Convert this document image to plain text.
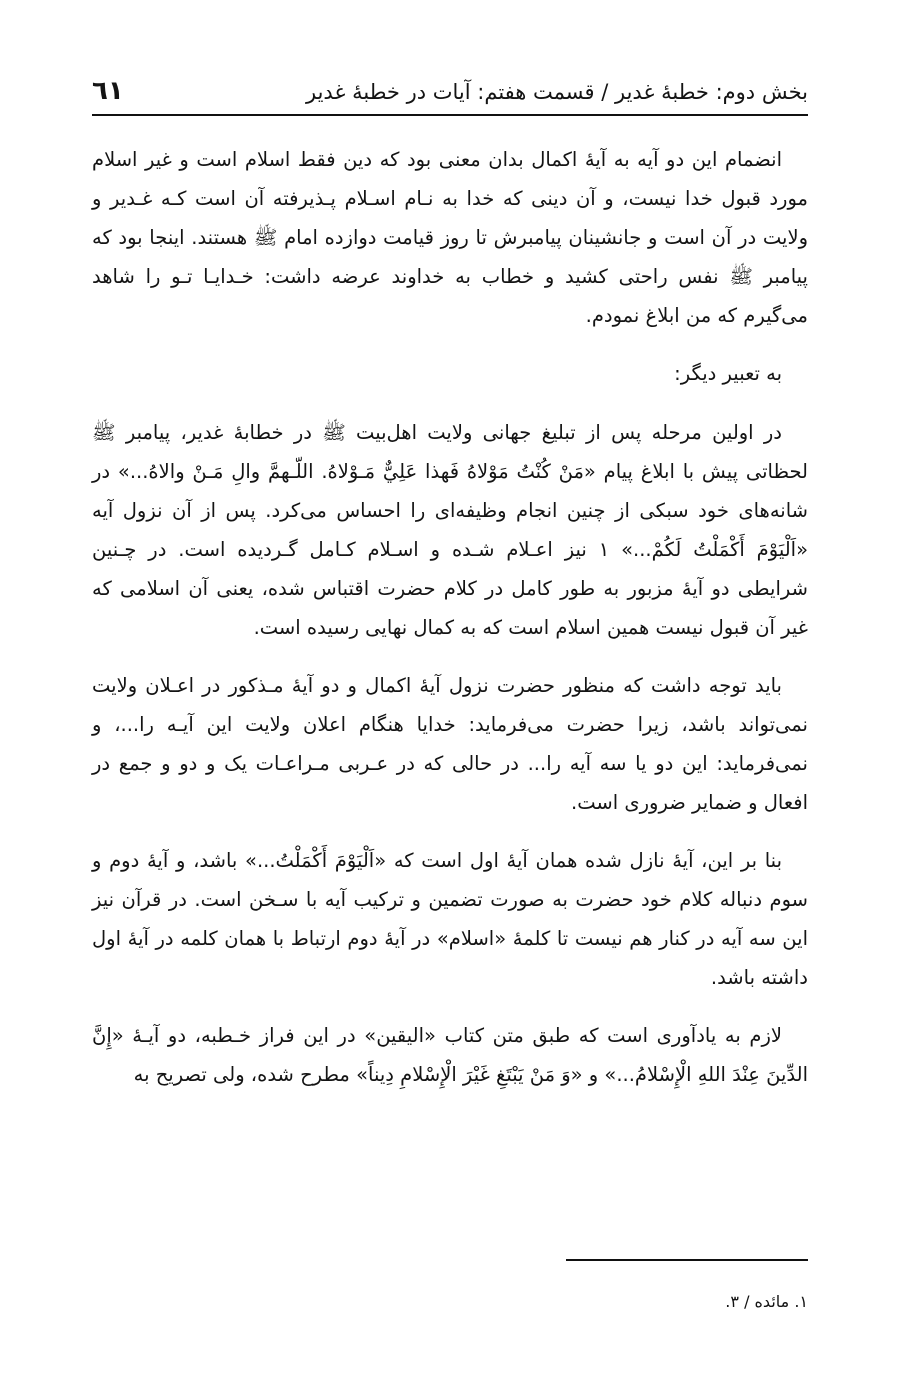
٦١	بخش دوم: خطبهٔ غدیر / قسمت هفتم: آیات در خطبهٔ غدیر

انضمام این دو آیه به آیهٔ اکمال بدان معنی بود که دین فقط اسلام است و غیر اسلام مورد قبول خدا نیست، و آن دینی که خدا به نـام اسـلام پـذیرفته آن است کـه غـدیر و ولایت در آن است و جانشینان پیامبرش تا روز قیامت دوازده امام ﷺ هستند. اینجا بود که پیامبر ﷺ نفس راحتی کشید و خطاب به خداوند عرضه داشت: خـدایـا تـو را شاهد می‌گیرم که من ابلاغ نمودم.

به تعبیر دیگر:

در اولین مرحله پس از تبلیغ جهانی ولایت اهل‌بیت ﷺ در خطابهٔ غدیر، پیامبر ﷺ لحظاتی پیش با ابلاغ پیام «مَنْ کُنْتُ مَوْلاهُ فَهذا عَلِيٌّ مَـوْلاهُ. اللّـهمَّ والِ مَـنْ والاهُ...» در شانه‌های خود سبکی از چنین انجام وظیفه‌ای را احساس می‌کرد. پس از آن نزول آیه «اَلْيَوْمَ أَكْمَلْتُ لَكُمْ...» ١ نیز اعـلام شـده و اسـلام کـامل گـردیده است. در چـنین شرایطی دو آیهٔ مزبور به طور کامل در کلام حضرت اقتباس شده، یعنی آن اسلامی که غیر آن قبول نیست همین اسلام است که به کمال نهایی رسیده است.

باید توجه داشت که منظور حضرت نزول آیهٔ اکمال و دو آیهٔ مـذکور در اعـلان ولایت نمی‌تواند باشد، زیرا حضرت می‌فرماید: خدایا هنگام اعلان ولایت این آیـه را...، و نمی‌فرماید: این دو یا سه آیه را... در حالی که در عـربی مـراعـات یک و دو و جمع در افعال و ضمایر ضروری است.

بنا بر این، آیهٔ نازل شده همان آیهٔ اول است که «اَلْيَوْمَ أَكْمَلْتُ...» باشد، و آیهٔ دوم و سوم دنباله کلام خود حضرت به صورت تضمین و ترکیب آیه با سـخن است. در قرآن نیز این سه آیه در کنار هم نیست تا کلمهٔ «اسلام» در آیهٔ دوم ارتباط با همان کلمه در آیهٔ اول داشته باشد.

لازم به یادآوری است که طبق متن کتاب «الیقین» در این فراز خـطبه، دو آیـهٔ «إِنَّ الدِّینَ عِنْدَ اللهِ الْإِسْلامُ...» و «وَ مَنْ یَبْتَغِ غَیْرَ الْإِسْلامِ دِیناً» مطرح شده، ولی تصریح به

١. مائده / ٣.
